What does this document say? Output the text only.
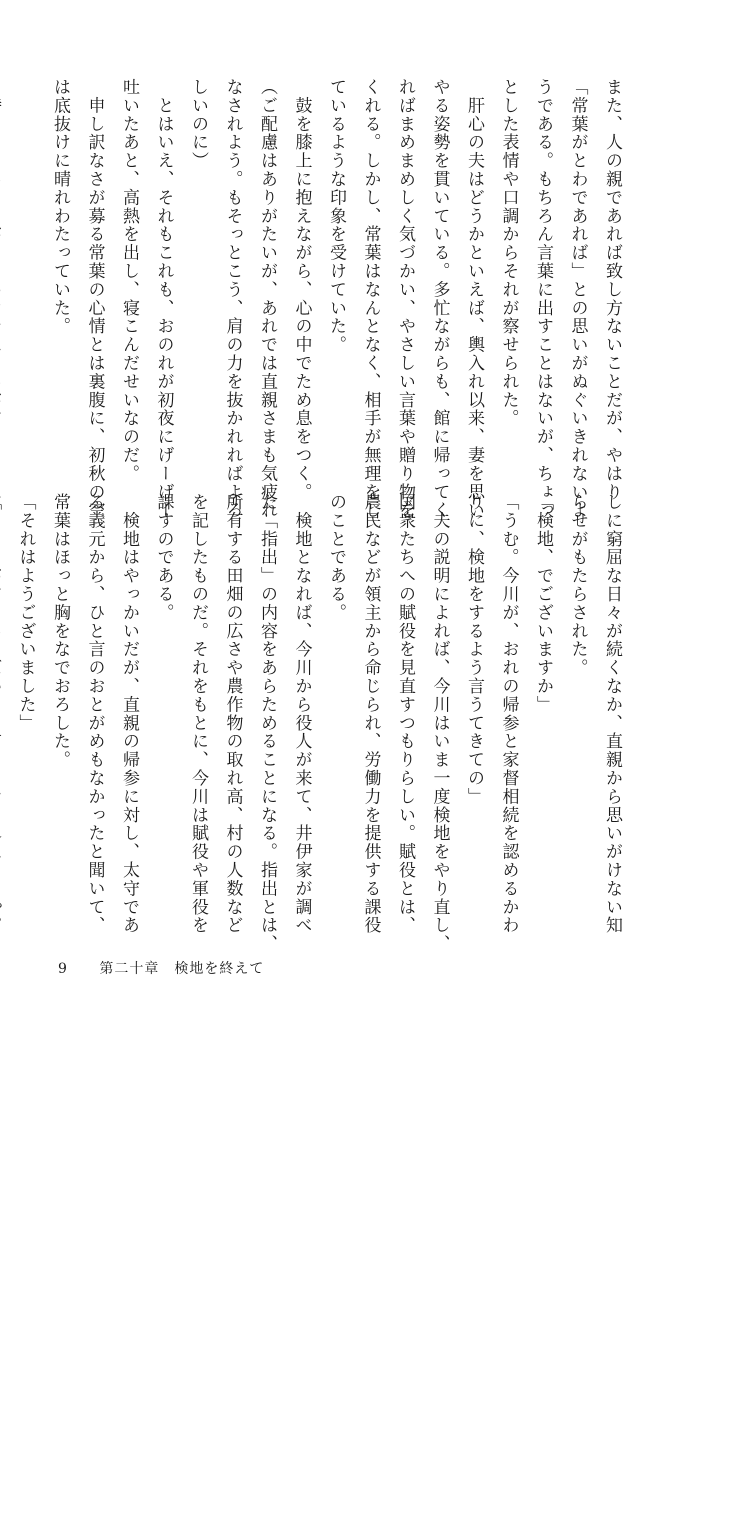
また、人の親であれば致し方ないことだが、やはり
「常葉がとわであれば」との思いがぬぐいきれないよ
うである。もちろん言葉に出すことはないが、ちょっ
とした表情や口調からそれが察せられた。
　肝心の夫はどうかといえば、輿入れ以来、妻を思い
やる姿勢を貫いている。多忙ながらも、館に帰ってく
ればまめまめしく気づかい、やさしい言葉や贈り物を
くれる。しかし、常葉はなんとなく、相手が無理をし
ているような印象を受けていた。
　鼓を膝上に抱えながら、心の中でため息をつく。
（ご配慮はありがたいが、あれでは直親さまも気疲れ
なされよう。もそっとこう、肩の力を抜かれればよろ
しいのに）
　とはいえ、それもこれも、おのれが初夜にげーげー
吐いたあと、高熱を出し、寝こんだせいなのだ。
　申し訳なさが募る常葉の心情とは裏腹に、初秋の空
は底抜けに晴れわたっていた。
しに窮屈な日々が続くなか、直親から思いがけない知
らせがもたらされた。
「検地、でございますか」
「うむ。今川が、おれの帰参と家督相続を認めるかわ
りに、検地をするよう言うてきての」
　夫の説明によれば、今川はいま一度検地をやり直し、
国衆たちへの賦役を見直すつもりらしい。賦役とは、
農民などが領主から命じられ、労働力を提供する課役
のことである。
　検地となれば、今川から役人が来て、井伊家が調べ
た「指出」の内容をあらためることになる。指出とは、
所有する田畑の広さや農作物の取れ高、村の人数など
を記したものだ。それをもとに、今川は賦役や軍役を
課すのである。
　検地はやっかいだが、直親の帰参に対し、太守であ
る義元から、ひと言のおとがめもなかったと聞いて、
常葉はほっと胸をなでおろした。
「それはようございました」
9 第二十章　検地を終えて
